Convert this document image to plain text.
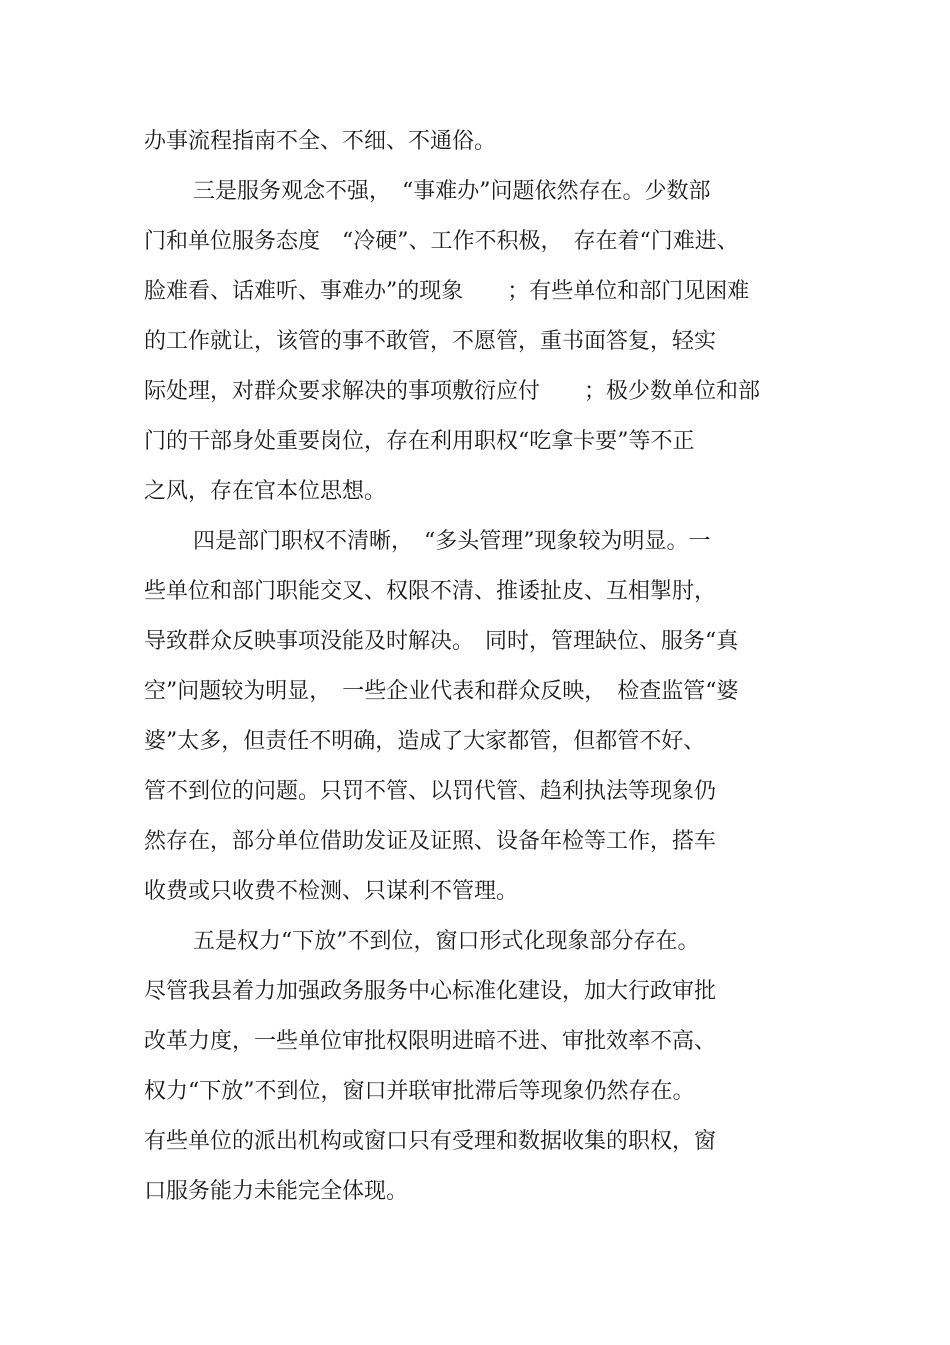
办事流程指南不全、不细、不通俗。
三是服务观念不强，　“事难办”问题依然存在。少数部
门和单位服务态度　“冷硬”、工作不积极，　存在着“门难进、
脸难看、话难听、事难办”的现象　　；有些单位和部门见困难
的工作就让，该管的事不敢管，不愿管，重书面答复，轻实
际处理，对群众要求解决的事项敷衍应付　　；极少数单位和部
门的干部身处重要岗位，存在利用职权“吃拿卡要”等不正
之风，存在官本位思想。
四是部门职权不清晰，　“多头管理”现象较为明显。一
些单位和部门职能交叉、权限不清、推诿扯皮、互相掣肘，
导致群众反映事项没能及时解决。　同时，管理缺位、服务“真
空”问题较为明显，　一些企业代表和群众反映，　检查监管“婆
婆”太多，但责任不明确，造成了大家都管，但都管不好、
管不到位的问题。只罚不管、以罚代管、趋利执法等现象仍
然存在，部分单位借助发证及证照、设备年检等工作，搭车
收费或只收费不检测、只谋利不管理。
五是权力“下放”不到位，窗口形式化现象部分存在。
尽管我县着力加强政务服务中心标准化建设，加大行政审批
改革力度，一些单位审批权限明进暗不进、审批效率不高、
权力“下放”不到位，窗口并联审批滞后等现象仍然存在。
有些单位的派出机构或窗口只有受理和数据收集的职权，窗
口服务能力未能完全体现。
